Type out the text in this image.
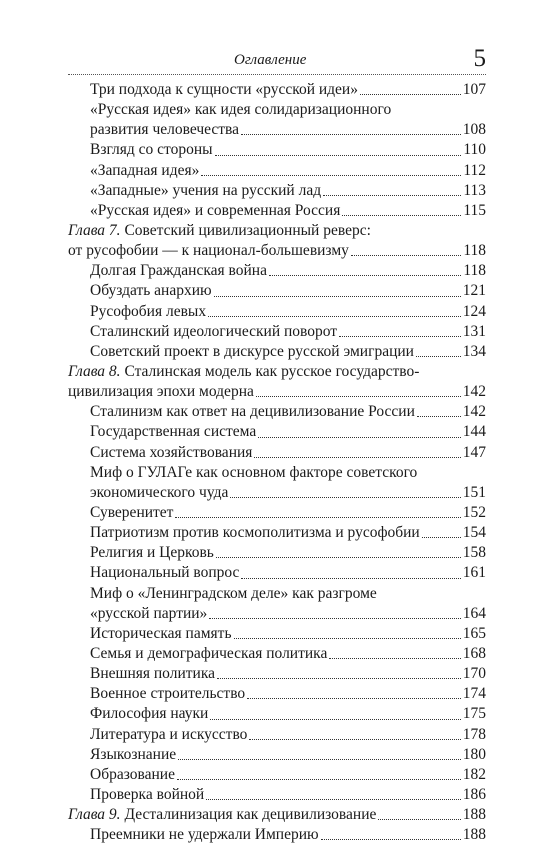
Оглавление	5
Три подхода к сущности «русской идеи»	107
«Русская идея» как идея солидаризационного
развития человечества	108
Взгляд со стороны	110
«Западная идея»	112
«Западные» учения на русский лад	113
«Русская идея» и современная Россия	115
Глава 7. Советский цивилизационный реверс:
от русофобии — к национал-большевизму	118
Долгая Гражданская война	118
Обуздать анархию	121
Русофобия левых	124
Сталинский идеологический поворот	131
Советский проект в дискурсе русской эмиграции	134
Глава 8. Сталинская модель как русское государство-
цивилизация эпохи модерна	142
Сталинизм как ответ на децивилизование России	142
Государственная система	144
Система хозяйствования	147
Миф о ГУЛАГе как основном факторе советского
экономического чуда	151
Суверенитет	152
Патриотизм против космополитизма и русофобии	154
Религия и Церковь	158
Национальный вопрос	161
Миф о «Ленинградском деле» как разгроме
«русской партии»	164
Историческая память	165
Семья и демографическая политика	168
Внешняя политика	170
Военное строительство	174
Философия науки	175
Литература и искусство	178
Языкознание	180
Образование	182
Проверка войной	186
Глава 9. Десталинизация как децивилизование	188
Преемники не удержали Империю	188
